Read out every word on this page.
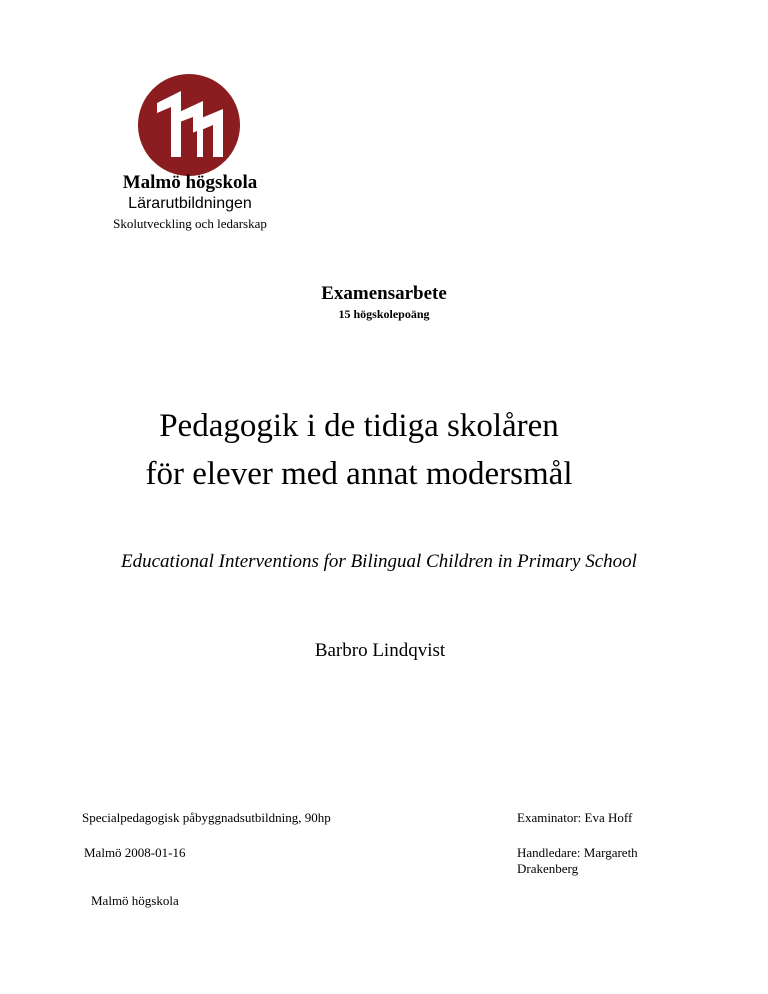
Malmö högskola
Lärarutbildningen
Skolutveckling och ledarskap
Examensarbete
15 högskolepoäng
Pedagogik i de tidiga skolåren
för elever med annat modersmål
Educational Interventions for Bilingual Children in Primary School
Barbro Lindqvist
Specialpedagogisk påbyggnadsutbildning, 90hp	Examinator: Eva Hoff
Malmö 2008-01-16	Handledare: Margareth Drakenberg
Malmö högskola
